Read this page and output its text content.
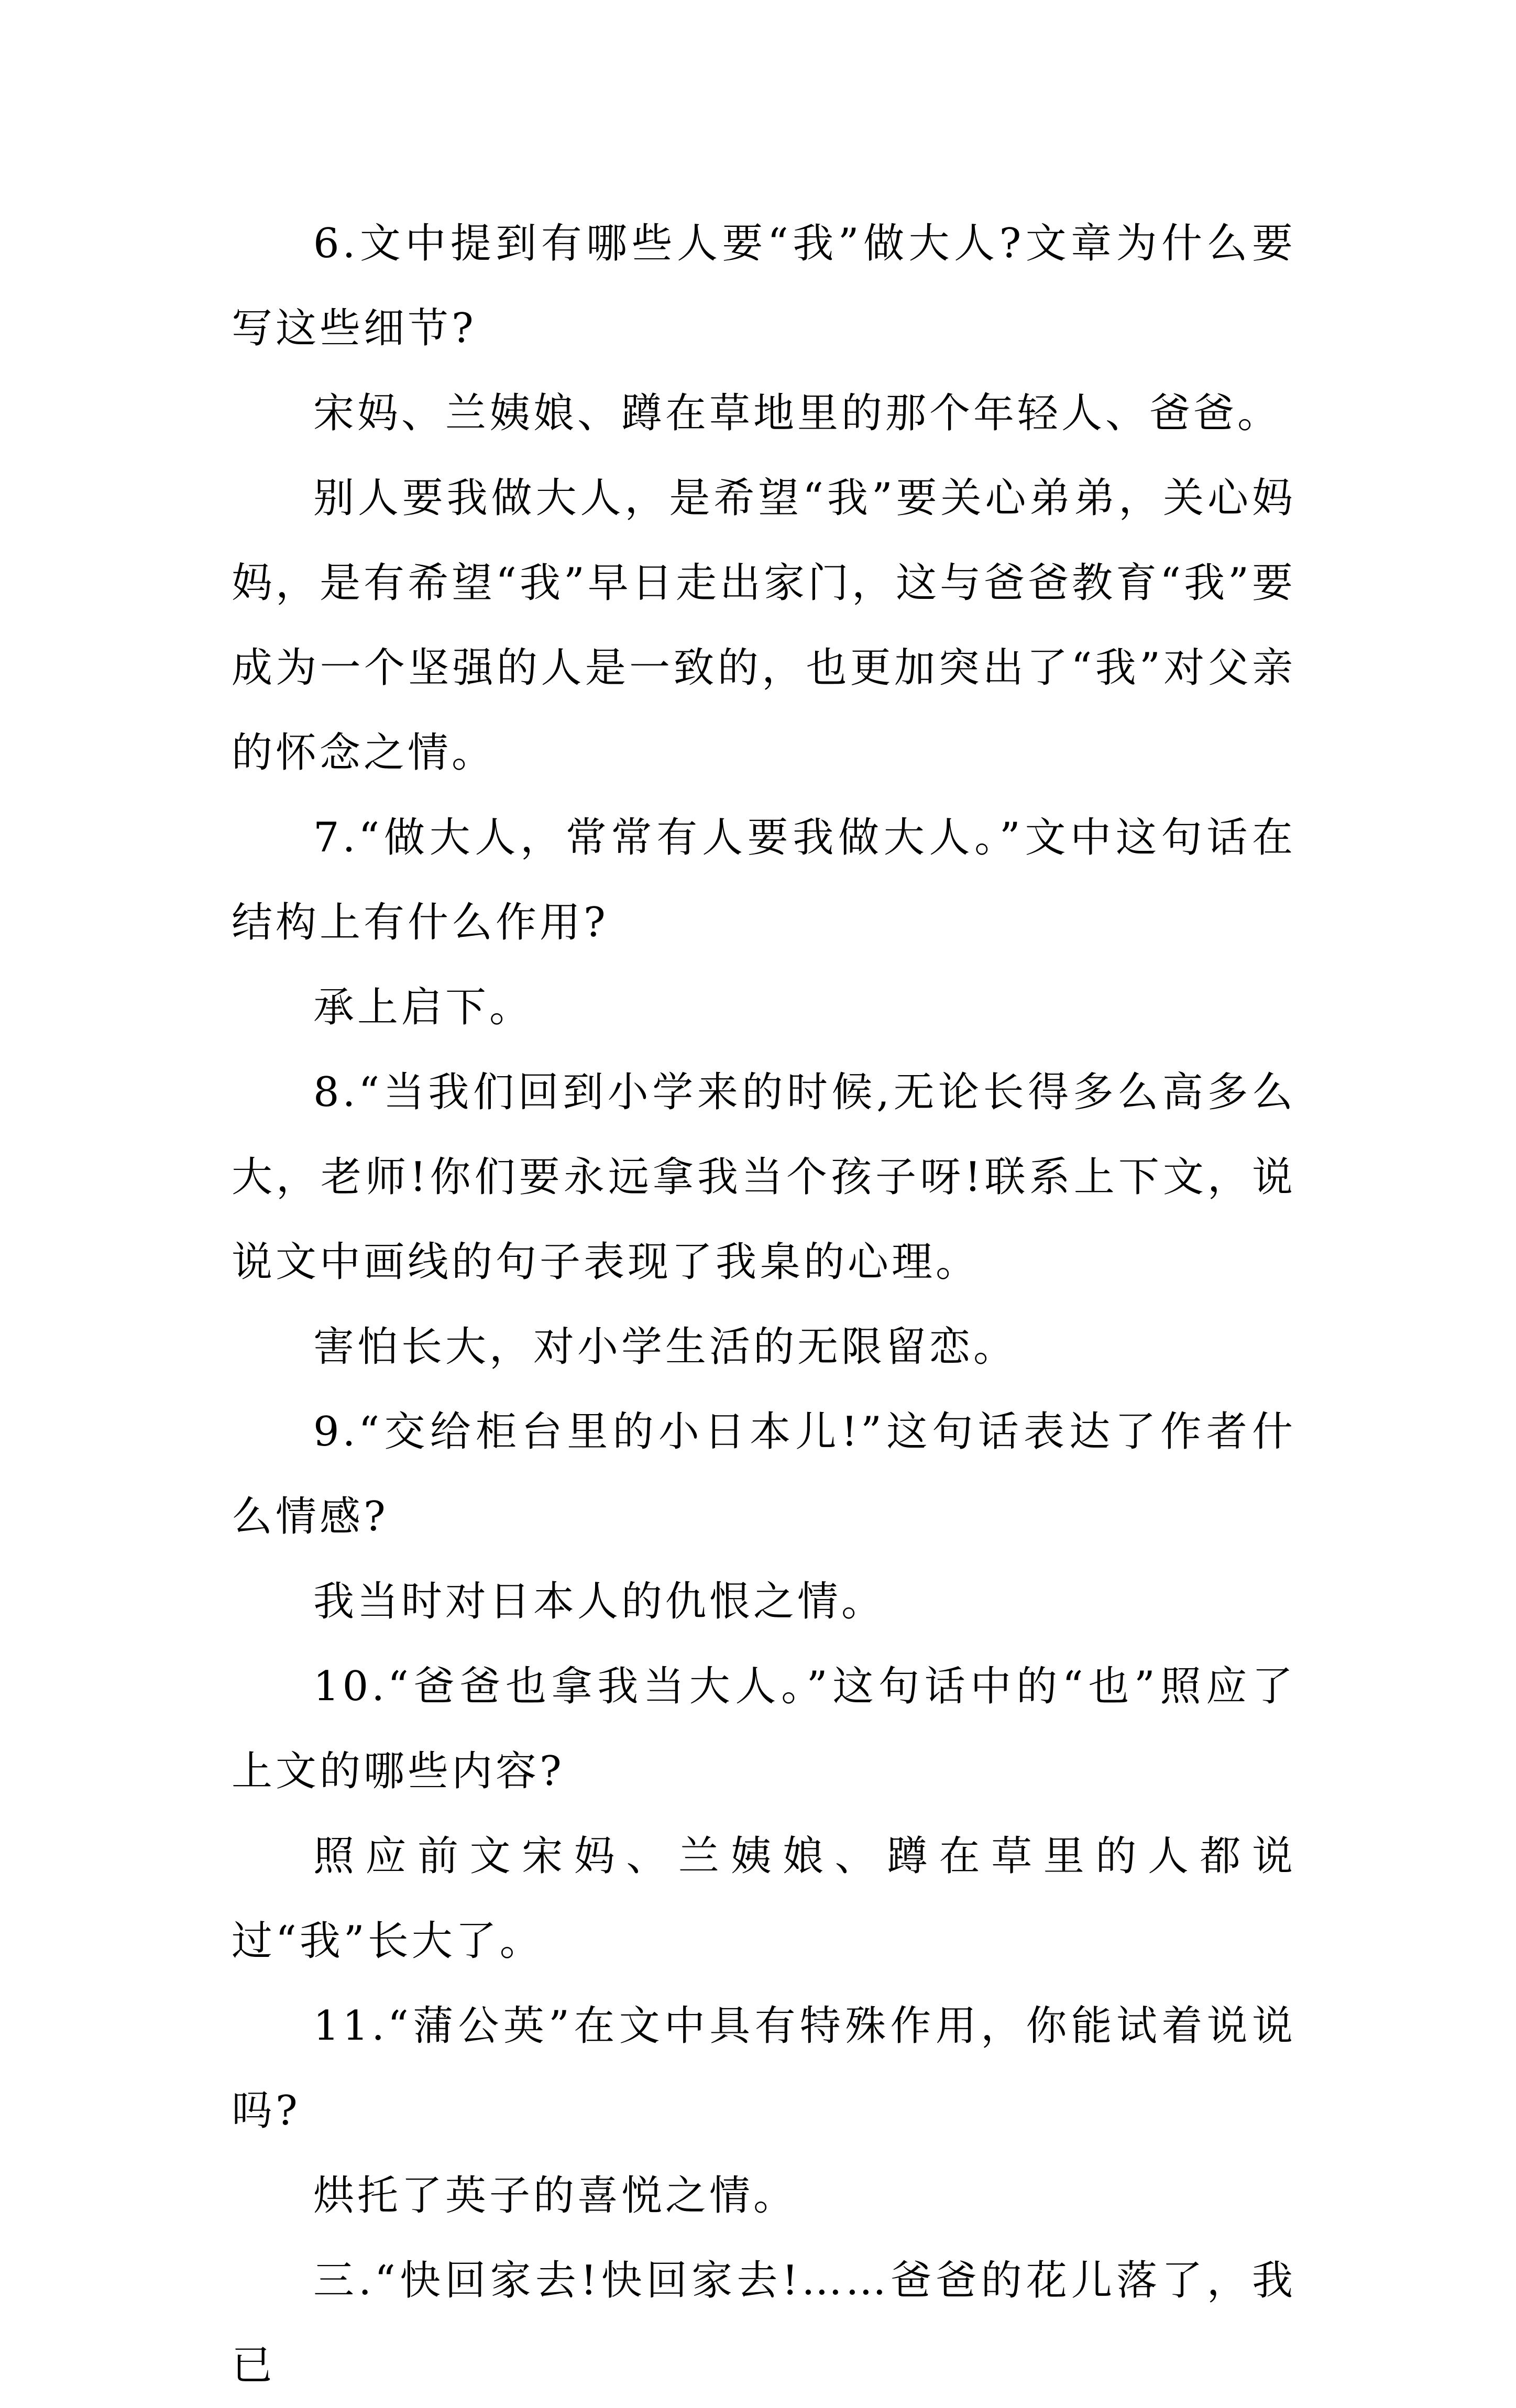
6.文中提到有哪些人要“我”做大人?文章为什么要写这些细节?

宋妈、兰姨娘、蹲在草地里的那个年轻人、爸爸。

别人要我做大人，是希望“我”要关心弟弟，关心妈妈，是有希望“我”早日走出家门，这与爸爸教育“我”要成为一个坚强的人是一致的，也更加突出了“我”对父亲的怀念之情。

7.“做大人，常常有人要我做大人。”文中这句话在结构上有什么作用?

承上启下。

8.“当我们回到小学来的时候,无论长得多么高多么大，老师!你们要永远拿我当个孩子呀!联系上下文，说说文中画线的句子表现了我臬的心理。

害怕长大，对小学生活的无限留恋。

9.“交给柜台里的小日本儿!”这句话表达了作者什么情感?

我当时对日本人的仇恨之情。

10.“爸爸也拿我当大人。”这句话中的“也”照应了上文的哪些内容?

照应前文宋妈、兰姨娘、蹲在草里的人都说过“我”长大了。

11.“蒲公英”在文中具有特殊作用，你能试着说说吗?

烘托了英子的喜悦之情。

三.“快回家去!快回家去!……爸爸的花儿落了，我已
